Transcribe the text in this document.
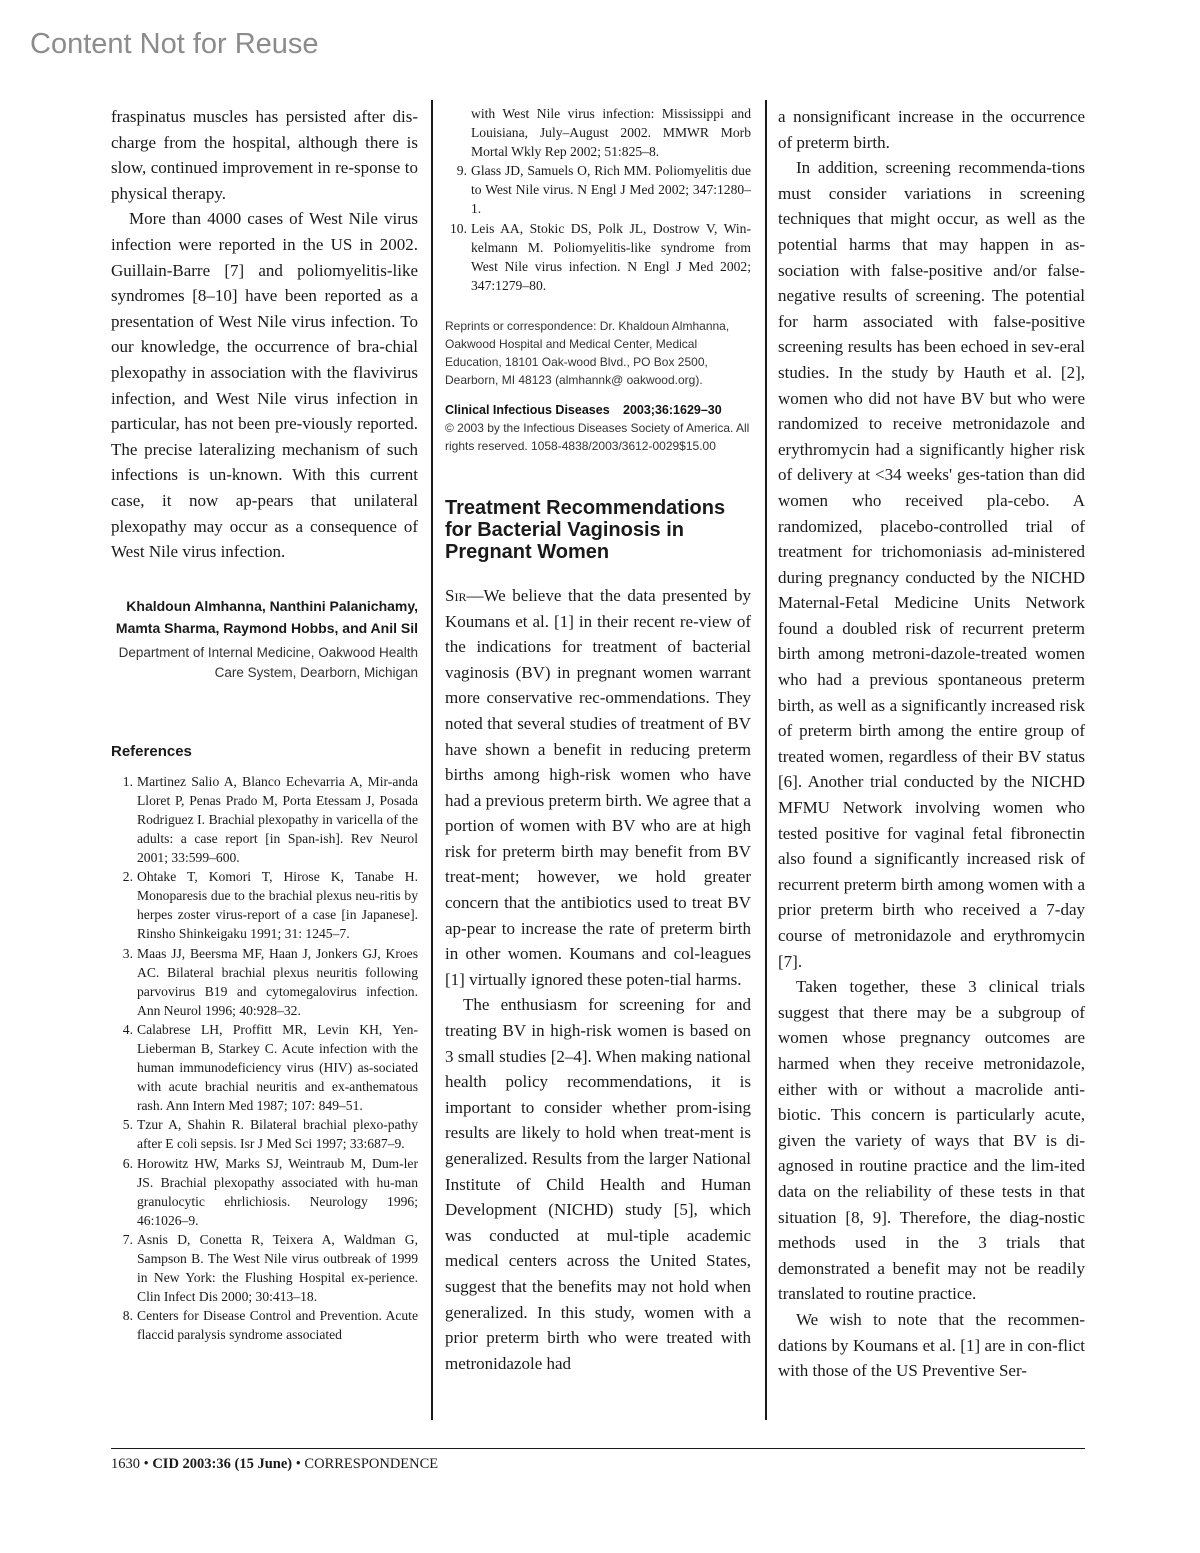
Content Not for Reuse

fraspinatus muscles has persisted after dis-charge from the hospital, although there is slow, continued improvement in re-sponse to physical therapy.

More than 4000 cases of West Nile virus infection were reported in the US in 2002. Guillain-Barre [7] and poliomyelitis-like syndromes [8–10] have been reported as a presentation of West Nile virus infection. To our knowledge, the occurrence of bra-chial plexopathy in association with the flavivirus infection, and West Nile virus infection in particular, has not been pre-viously reported. The precise lateralizing mechanism of such infections is un-known. With this current case, it now ap-pears that unilateral plexopathy may occur as a consequence of West Nile virus infection.

Khaldoun Almhanna, Nanthini Palanichamy, Mamta Sharma, Raymond Hobbs, and Anil Sil
Department of Internal Medicine, Oakwood Health Care System, Dearborn, Michigan
References
1. Martinez Salio A, Blanco Echevarria A, Mir-anda Lloret P, Penas Prado M, Porta Etessam J, Posada Rodriguez I. Brachial plexopathy in varicella of the adults: a case report [in Span-ish]. Rev Neurol 2001; 33:599–600.
2. Ohtake T, Komori T, Hirose K, Tanabe H. Monoparesis due to the brachial plexus neu-ritis by herpes zoster virus-report of a case [in Japanese]. Rinsho Shinkeigaku 1991; 31: 1245–7.
3. Maas JJ, Beersma MF, Haan J, Jonkers GJ, Kroes AC. Bilateral brachial plexus neuritis following parvovirus B19 and cytomegalovirus infection. Ann Neurol 1996; 40:928–32.
4. Calabrese LH, Proffitt MR, Levin KH, Yen-Lieberman B, Starkey C. Acute infection with the human immunodeficiency virus (HIV) as-sociated with acute brachial neuritis and ex-anthematous rash. Ann Intern Med 1987; 107: 849–51.
5. Tzur A, Shahin R. Bilateral brachial plexo-pathy after E coli sepsis. Isr J Med Sci 1997; 33:687–9.
6. Horowitz HW, Marks SJ, Weintraub M, Dum-ler JS. Brachial plexopathy associated with hu-man granulocytic ehrlichiosis. Neurology 1996; 46:1026–9.
7. Asnis D, Conetta R, Teixera A, Waldman G, Sampson B. The West Nile virus outbreak of 1999 in New York: the Flushing Hospital ex-perience. Clin Infect Dis 2000; 30:413–18.
8. Centers for Disease Control and Prevention. Acute flaccid paralysis syndrome associated
with West Nile virus infection: Mississippi and Louisiana, July–August 2002. MMWR Morb Mortal Wkly Rep 2002; 51:825–8.
9. Glass JD, Samuels O, Rich MM. Poliomyelitis due to West Nile virus. N Engl J Med 2002; 347:1280–1.
10. Leis AA, Stokic DS, Polk JL, Dostrow V, Win-kelmann M. Poliomyelitis-like syndrome from West Nile virus infection. N Engl J Med 2002; 347:1279–80.
Reprints or correspondence: Dr. Khaldoun Almhanna, Oakwood Hospital and Medical Center, Medical Education, 18101 Oak-wood Blvd., PO Box 2500, Dearborn, MI 48123 (almhannk@ oakwood.org).
Clinical Infectious Diseases 2003;36:1629–30
© 2003 by the Infectious Diseases Society of America. All rights reserved. 1058-4838/2003/3612-0029$15.00
Treatment Recommendations for Bacterial Vaginosis in Pregnant Women

Sir—We believe that the data presented by Koumans et al. [1] in their recent re-view of the indications for treatment of bacterial vaginosis (BV) in pregnant women warrant more conservative rec-ommendations. They noted that several studies of treatment of BV have shown a benefit in reducing preterm births among high-risk women who have had a previous preterm birth. We agree that a portion of women with BV who are at high risk for preterm birth may benefit from BV treat-ment; however, we hold greater concern that the antibiotics used to treat BV ap-pear to increase the rate of preterm birth in other women. Koumans and col-leagues [1] virtually ignored these poten-tial harms.

The enthusiasm for screening for and treating BV in high-risk women is based on 3 small studies [2–4]. When making national health policy recommendations, it is important to consider whether prom-ising results are likely to hold when treat-ment is generalized. Results from the larger National Institute of Child Health and Human Development (NICHD) study [5], which was conducted at mul-tiple academic medical centers across the United States, suggest that the benefits may not hold when generalized. In this study, women with a prior preterm birth who were treated with metronidazole had

a nonsignificant increase in the occurrence of preterm birth.

In addition, screening recommenda-tions must consider variations in screening techniques that might occur, as well as the potential harms that may happen in as-sociation with false-positive and/or false-negative results of screening. The potential for harm associated with false-positive screening results has been echoed in sev-eral studies. In the study by Hauth et al. [2], women who did not have BV but who were randomized to receive metronidazole and erythromycin had a significantly higher risk of delivery at <34 weeks' ges-tation than did women who received pla-cebo. A randomized, placebo-controlled trial of treatment for trichomoniasis ad-ministered during pregnancy conducted by the NICHD Maternal-Fetal Medicine Units Network found a doubled risk of recurrent preterm birth among metroni-dazole-treated women who had a previous spontaneous preterm birth, as well as a significantly increased risk of preterm birth among the entire group of treated women, regardless of their BV status [6]. Another trial conducted by the NICHD MFMU Network involving women who tested positive for vaginal fetal fibronectin also found a significantly increased risk of recurrent preterm birth among women with a prior preterm birth who received a 7-day course of metronidazole and erythromycin [7].

Taken together, these 3 clinical trials suggest that there may be a subgroup of women whose pregnancy outcomes are harmed when they receive metronidazole, either with or without a macrolide anti-biotic. This concern is particularly acute, given the variety of ways that BV is di-agnosed in routine practice and the lim-ited data on the reliability of these tests in that situation [8, 9]. Therefore, the diag-nostic methods used in the 3 trials that demonstrated a benefit may not be readily translated to routine practice.

We wish to note that the recommen-dations by Koumans et al. [1] are in con-flict with those of the US Preventive Ser-

1630 • CID 2003:36 (15 June) • CORRESPONDENCE
